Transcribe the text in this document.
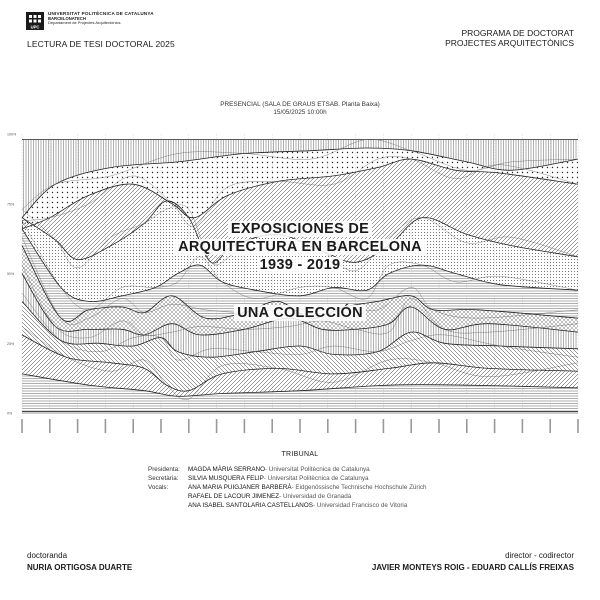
UPC
UNIVERSITAT POLITÈCNICA DE CATALUNYA
BARCELONATECH
Departament de Projectes Arquitectònics
LECTURA DE TESI DOCTORAL 2025
PROGRAMA DE DOCTORAT
PROJECTES ARQUITECTÒNICS
PRESENCIAL (SALA DE GRAUS ETSAB. Planta Baixa)
15/05/2025 10:00h
100%
75%
50%
25%
0%
EXPOSICIONES DE
ARQUITECTURA EN BARCELONA
1939 - 2019
UNA COLECCIÓN
TRIBUNAL
Presidenta:	MAGDA MÀRIA SERRANO - Universitat Politècnica de Catalunya
Secretària:	SILVIA MUSQUERA FELIP - Universitat Politècnica de Catalunya
Vocals:	ANA MARIA PUIGJANER BARBERÀ - Eidgenössische Technische Hochschule Zürich
RAFAEL DE LACOUR JIMENEZ - Universidad de Granada
ANA ISABEL SANTOLARIA CASTELLANOS - Universidad Francisco de Vitoria
doctoranda
NURIA ORTIGOSA DUARTE
director - codirector
JAVIER MONTEYS ROIG - EDUARD CALLÍS FREIXAS
